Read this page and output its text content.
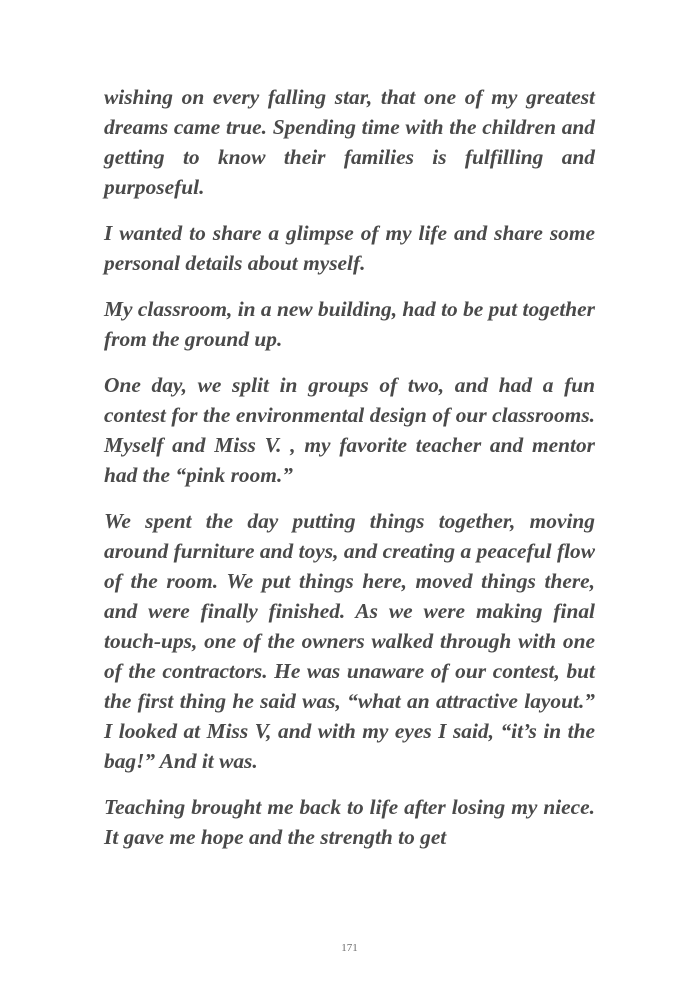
wishing on every falling star, that one of my greatest dreams came true. Spending time with the children and getting to know their families is fulfilling and purposeful.

I wanted to share a glimpse of my life and share some personal details about myself.

My classroom, in a new building, had to be put together from the ground up.

One day, we split in groups of two, and had a fun contest for the environmental design of our classrooms. Myself and Miss V. , my favorite teacher and mentor had the “pink room.”

We spent the day putting things together, moving around furniture and toys, and creating a peaceful flow of the room. We put things here, moved things there, and were finally finished. As we were making final touch-ups, one of the owners walked through with one of the contractors. He was unaware of our contest, but the first thing he said was, “what an attractive layout.” I looked at Miss V, and with my eyes I said, “it’s in the bag!” And it was.

Teaching brought me back to life after losing my niece. It gave me hope and the strength to get

171
